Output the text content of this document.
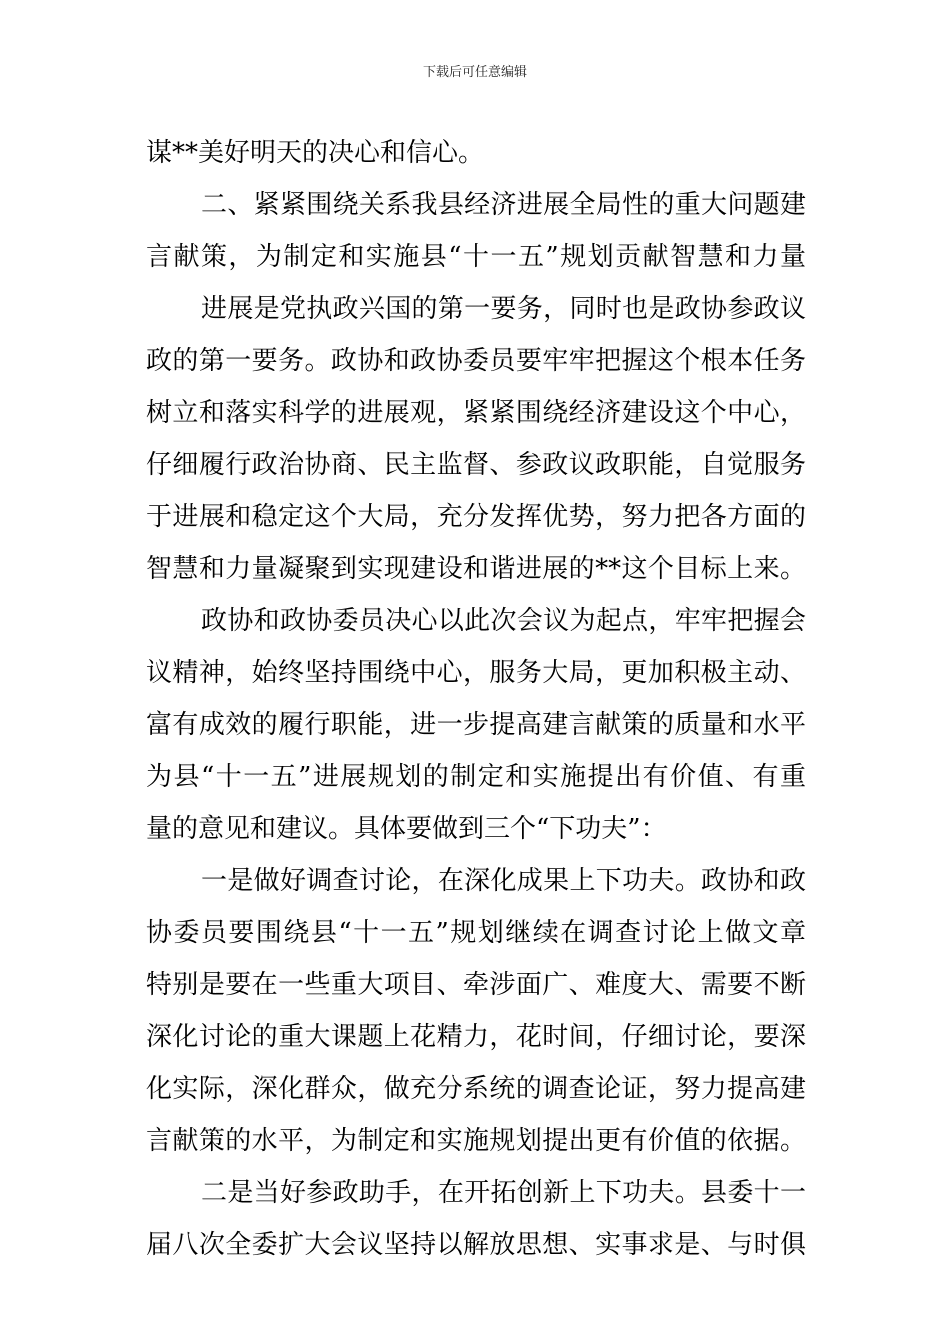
下载后可任意编辑
谋**美好明天的决心和信心。
二、紧紧围绕关系我县经济进展全局性的重大问题建
言献策，为制定和实施县“十一五”规划贡献智慧和力量
进展是党执政兴国的第一要务，同时也是政协参政议
政的第一要务。政协和政协委员要牢牢把握这个根本任务
树立和落实科学的进展观，紧紧围绕经济建设这个中心，
仔细履行政治协商、民主监督、参政议政职能，自觉服务
于进展和稳定这个大局，充分发挥优势，努力把各方面的
智慧和力量凝聚到实现建设和谐进展的**这个目标上来。
政协和政协委员决心以此次会议为起点，牢牢把握会
议精神，始终坚持围绕中心，服务大局，更加积极主动、
富有成效的履行职能，进一步提高建言献策的质量和水平
为县“十一五”进展规划的制定和实施提出有价值、有重
量的意见和建议。具体要做到三个“下功夫”：
一是做好调查讨论，在深化成果上下功夫。政协和政
协委员要围绕县“十一五”规划继续在调查讨论上做文章
特别是要在一些重大项目、牵涉面广、难度大、需要不断
深化讨论的重大课题上花精力，花时间，仔细讨论，要深
化实际，深化群众，做充分系统的调查论证，努力提高建
言献策的水平，为制定和实施规划提出更有价值的依据。
二是当好参政助手，在开拓创新上下功夫。县委十一
届八次全委扩大会议坚持以解放思想、实事求是、与时俱
